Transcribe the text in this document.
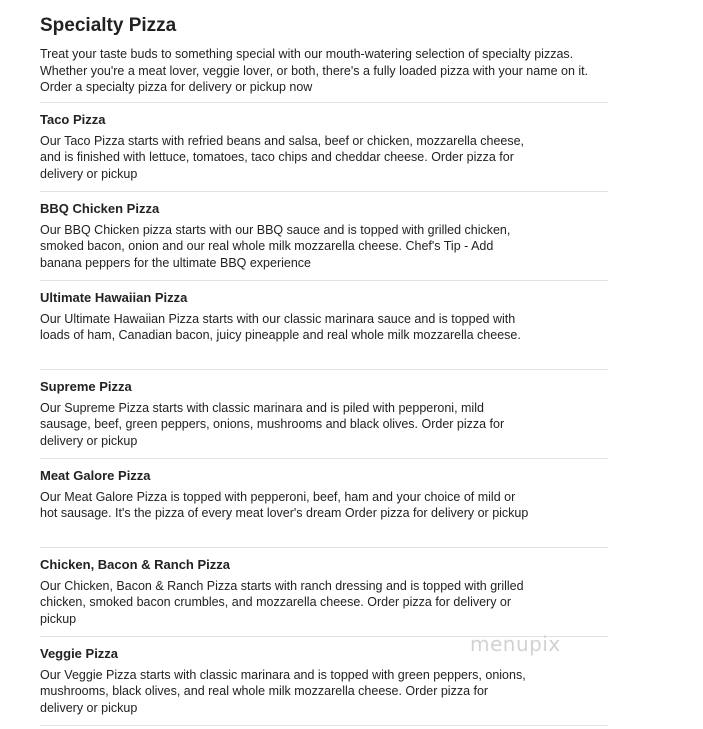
Specialty Pizza

Treat your taste buds to something special with our mouth-watering selection of specialty pizzas. Whether you're a meat lover, veggie lover, or both, there's a fully loaded pizza with your name on it. Order a specialty pizza for delivery or pickup now

Taco Pizza

Our Taco Pizza starts with refried beans and salsa, beef or chicken, mozzarella cheese, and is finished with lettuce, tomatoes, taco chips and cheddar cheese. Order pizza for delivery or pickup

BBQ Chicken Pizza

Our BBQ Chicken pizza starts with our BBQ sauce and is topped with grilled chicken, smoked bacon, onion and our real whole milk mozzarella cheese. Chef's Tip - Add banana peppers for the ultimate BBQ experience

Ultimate Hawaiian Pizza

Our Ultimate Hawaiian Pizza starts with our classic marinara sauce and is topped with loads of ham, Canadian bacon, juicy pineapple and real whole milk mozzarella cheese.

Supreme Pizza

Our Supreme Pizza starts with classic marinara and is piled with pepperoni, mild sausage, beef, green peppers, onions, mushrooms and black olives. Order pizza for delivery or pickup

Meat Galore Pizza

Our Meat Galore Pizza is topped with pepperoni, beef, ham and your choice of mild or hot sausage. It's the pizza of every meat lover's dream Order pizza for delivery or pickup

Chicken, Bacon & Ranch Pizza

Our Chicken, Bacon & Ranch Pizza starts with ranch dressing and is topped with grilled chicken, smoked bacon crumbles, and mozzarella cheese. Order pizza for delivery or pickup

Veggie Pizza

Our Veggie Pizza starts with classic marinara and is topped with green peppers, onions, mushrooms, black olives, and real whole milk mozzarella cheese. Order pizza for delivery or pickup

menupix
